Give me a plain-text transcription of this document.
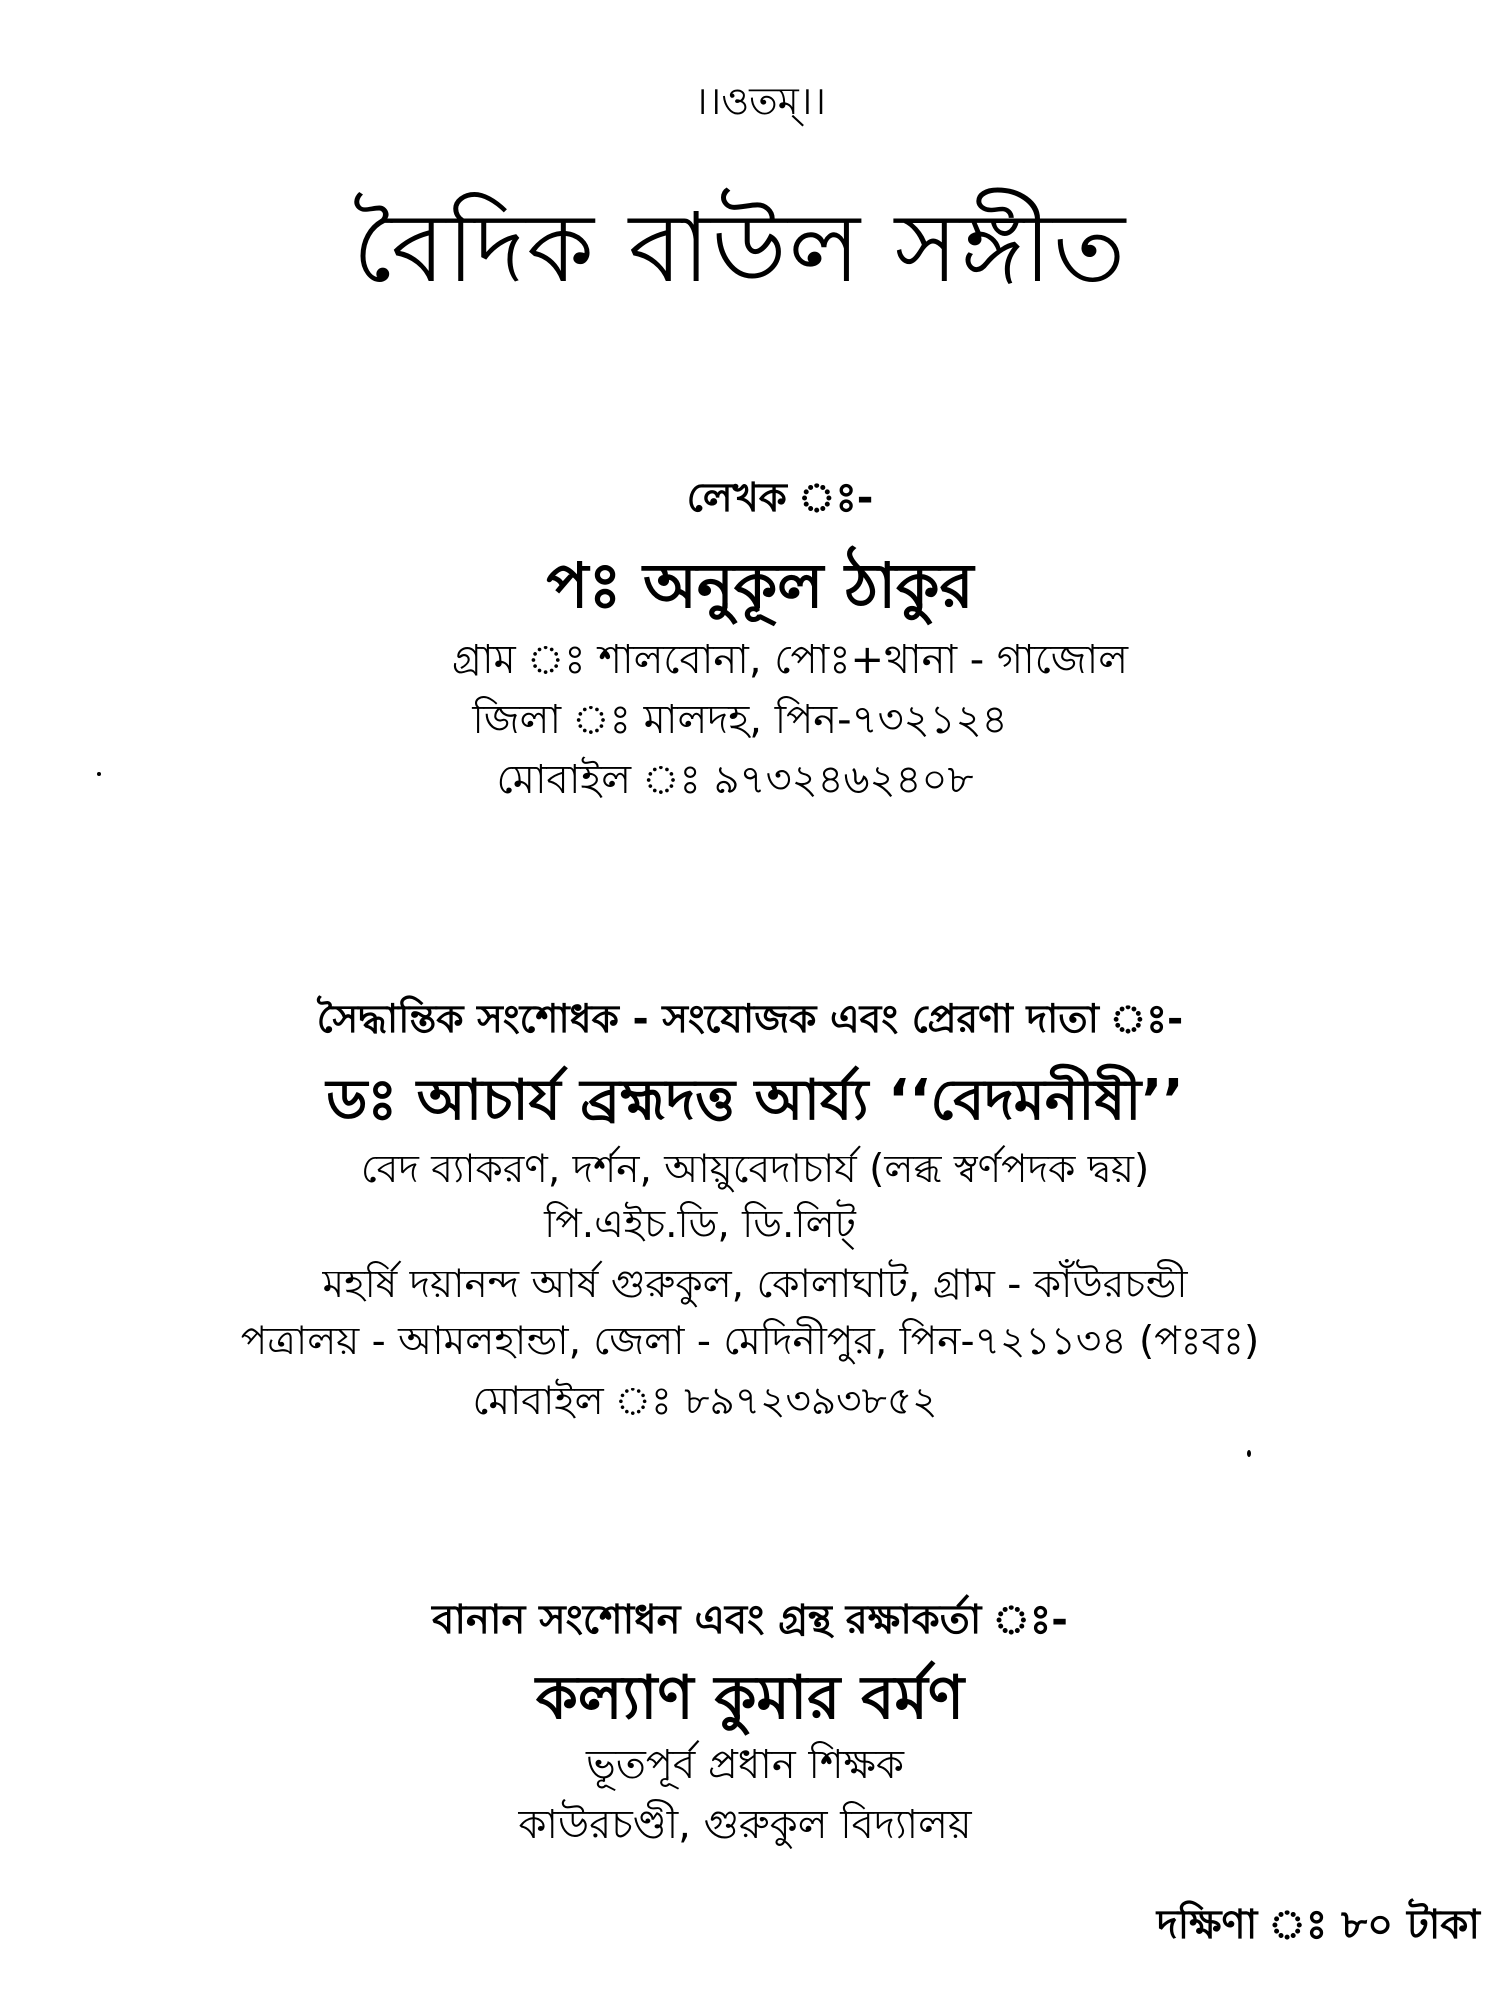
।।ওতম্।।
বৈদিক বাউল সঙ্গীত
লেখক ঃ-
পঃ অনুকূল ঠাকুর
গ্রাম ঃ শালবোনা, পোঃ+থানা - গাজোল
জিলা ঃ মালদহ, পিন-৭৩২১২৪
মোবাইল ঃ ৯৭৩২৪৬২৪০৮
সৈদ্ধান্তিক সংশোধক - সংযোজক এবং প্রেরণা দাতা ঃ-
ডঃ আচার্য ব্রহ্মদত্ত আর্য্য ‘‘বেদমনীষী’’
বেদ ব্যাকরণ, দর্শন, আয়ুবেদাচার্য (লব্ধ স্বর্ণপদক দ্বয়)
পি.এইচ.ডি, ডি.লিট্
মহর্ষি দয়ানন্দ আর্ষ গুরুকুল, কোলাঘাট, গ্রাম - কাঁউরচন্ডী
পত্রালয় - আমলহান্ডা, জেলা - মেদিনীপুর, পিন-৭২১১৩৪ (পঃবঃ)
মোবাইল ঃ ৮৯৭২৩৯৩৮৫২
বানান সংশোধন এবং গ্রন্থ রক্ষাকর্তা ঃ-
কল্যাণ কুমার বর্মণ
ভূতপূর্ব প্রধান শিক্ষক
কাউরচণ্ডী, গুরুকুল বিদ্যালয়
দক্ষিণা ঃ ৮০ টাকা
